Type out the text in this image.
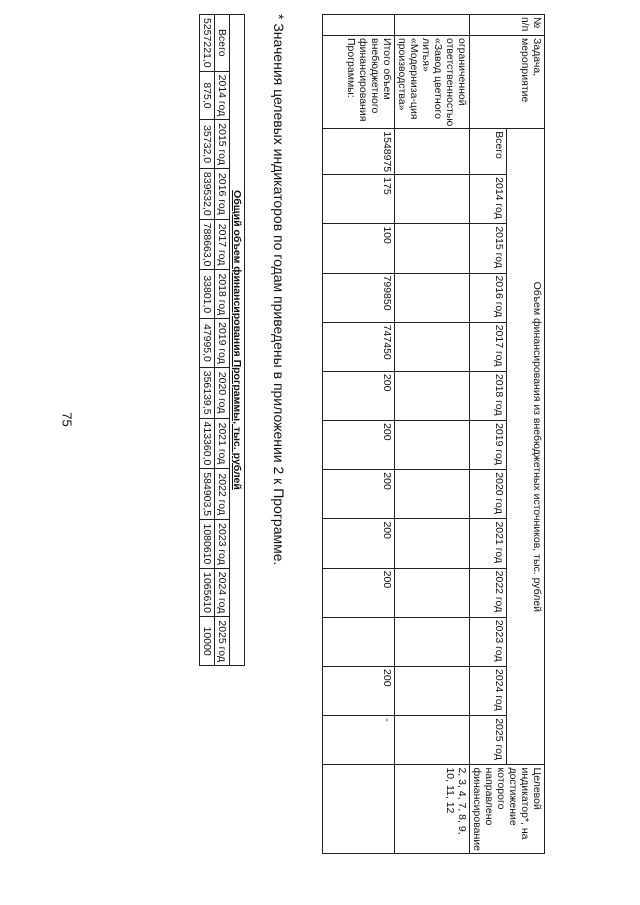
75
№ п/п	Задача, мероприятие	Объем финансирования из внебюджетных источников, тыс. рублей													Целевой индикатор*, на достижение которого направлено финансирование
		Всего	2014 год	2015 год	2016 год	2017 год	2018 год	2019 год	2020 год	2021 год	2022 год	2023 год	2024 год	2025 год	
	ограниченной ответственностью «Завод цветного литья» «Модерниза-ция производства»														2, 3, 4, 7, 8, 9, 10, 11, 12
	Итого объем внебюджетного финансирования Программы:	1548975	175	100	799850	747450	200	200	200	200	200		200	-	
* Значения целевых индикаторов по годам приведены в приложении 2 к Программе.
Общий объем финансирования Программы, тыс. рублей												
Всего	2014 год	2015 год	2016 год	2017 год	2018 год	2019 год	2020 год	2021 год	2022 год	2023 год	2024 год	2025 год
5257221,0	875,0	35732,0	839532,0	788663,0	33801,0	47995,0	356139,5	413360,0	584903,5	1080610	1065610	10000
